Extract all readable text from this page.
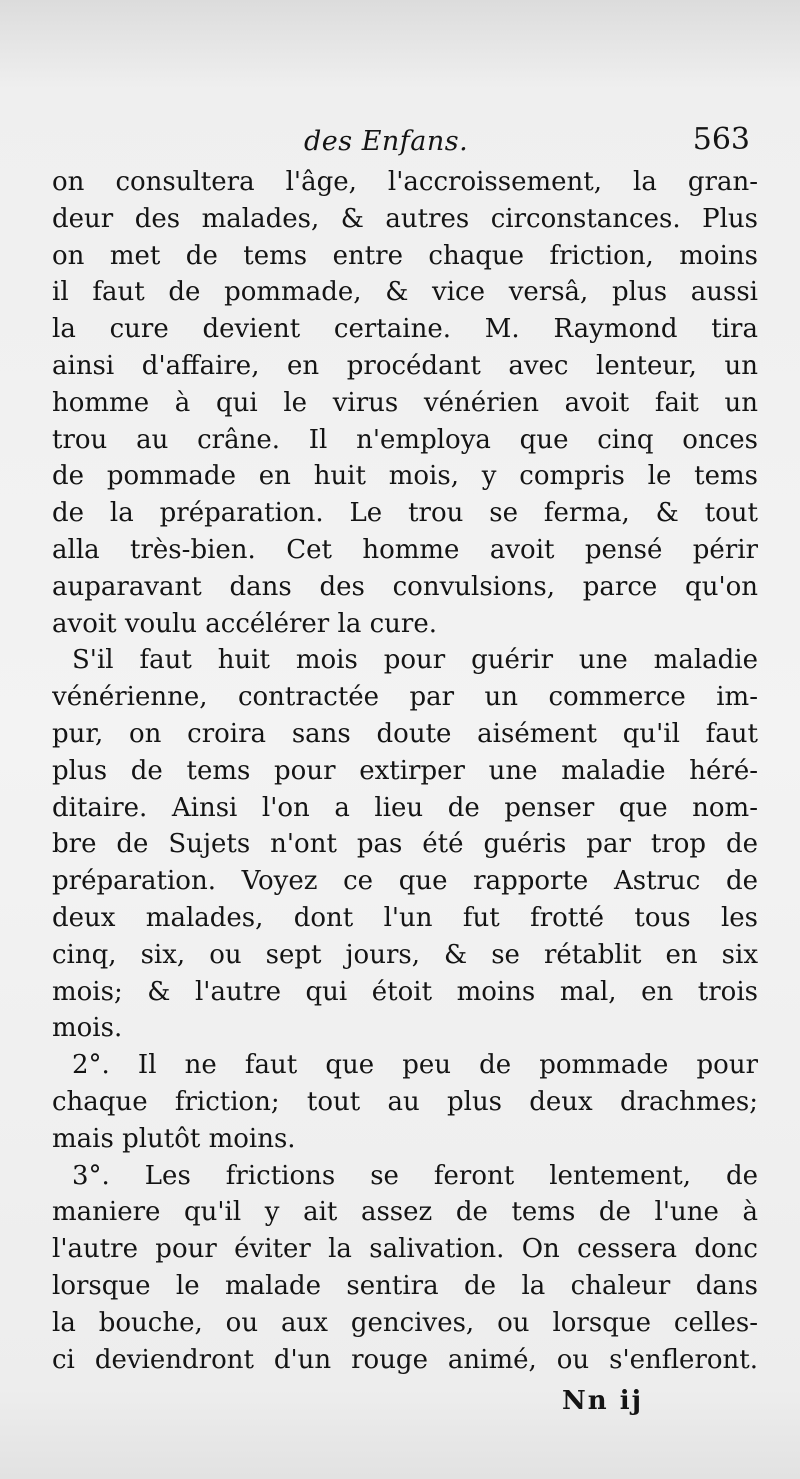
des Enfans.	563
on consultera l'âge, l'accroissement, la gran-
deur des malades, & autres circonstances. Plus
on met de tems entre chaque friction, moins
il faut de pommade, & vice versâ, plus aussi
la cure devient certaine. M. Raymond tira
ainsi d'affaire, en procédant avec lenteur, un
homme à qui le virus vénérien avoit fait un
trou au crâne. Il n'employa que cinq onces
de pommade en huit mois, y compris le tems
de la préparation. Le trou se ferma, & tout
alla très-bien. Cet homme avoit pensé périr
auparavant dans des convulsions, parce qu'on
avoit voulu accélérer la cure.
S'il faut huit mois pour guérir une maladie
vénérienne, contractée par un commerce im-
pur, on croira sans doute aisément qu'il faut
plus de tems pour extirper une maladie héré-
ditaire. Ainsi l'on a lieu de penser que nom-
bre de Sujets n'ont pas été guéris par trop de
préparation. Voyez ce que rapporte Astruc de
deux malades, dont l'un fut frotté tous les
cinq, six, ou sept jours, & se rétablit en six
mois; & l'autre qui étoit moins mal, en trois
mois.
2°. Il ne faut que peu de pommade pour
chaque friction; tout au plus deux drachmes;
mais plutôt moins.
3°. Les frictions se feront lentement, de
maniere qu'il y ait assez de tems de l'une à
l'autre pour éviter la salivation. On cessera donc
lorsque le malade sentira de la chaleur dans
la bouche, ou aux gencives, ou lorsque celles-
ci deviendront d'un rouge animé, ou s'enfleront.
Nn ij
